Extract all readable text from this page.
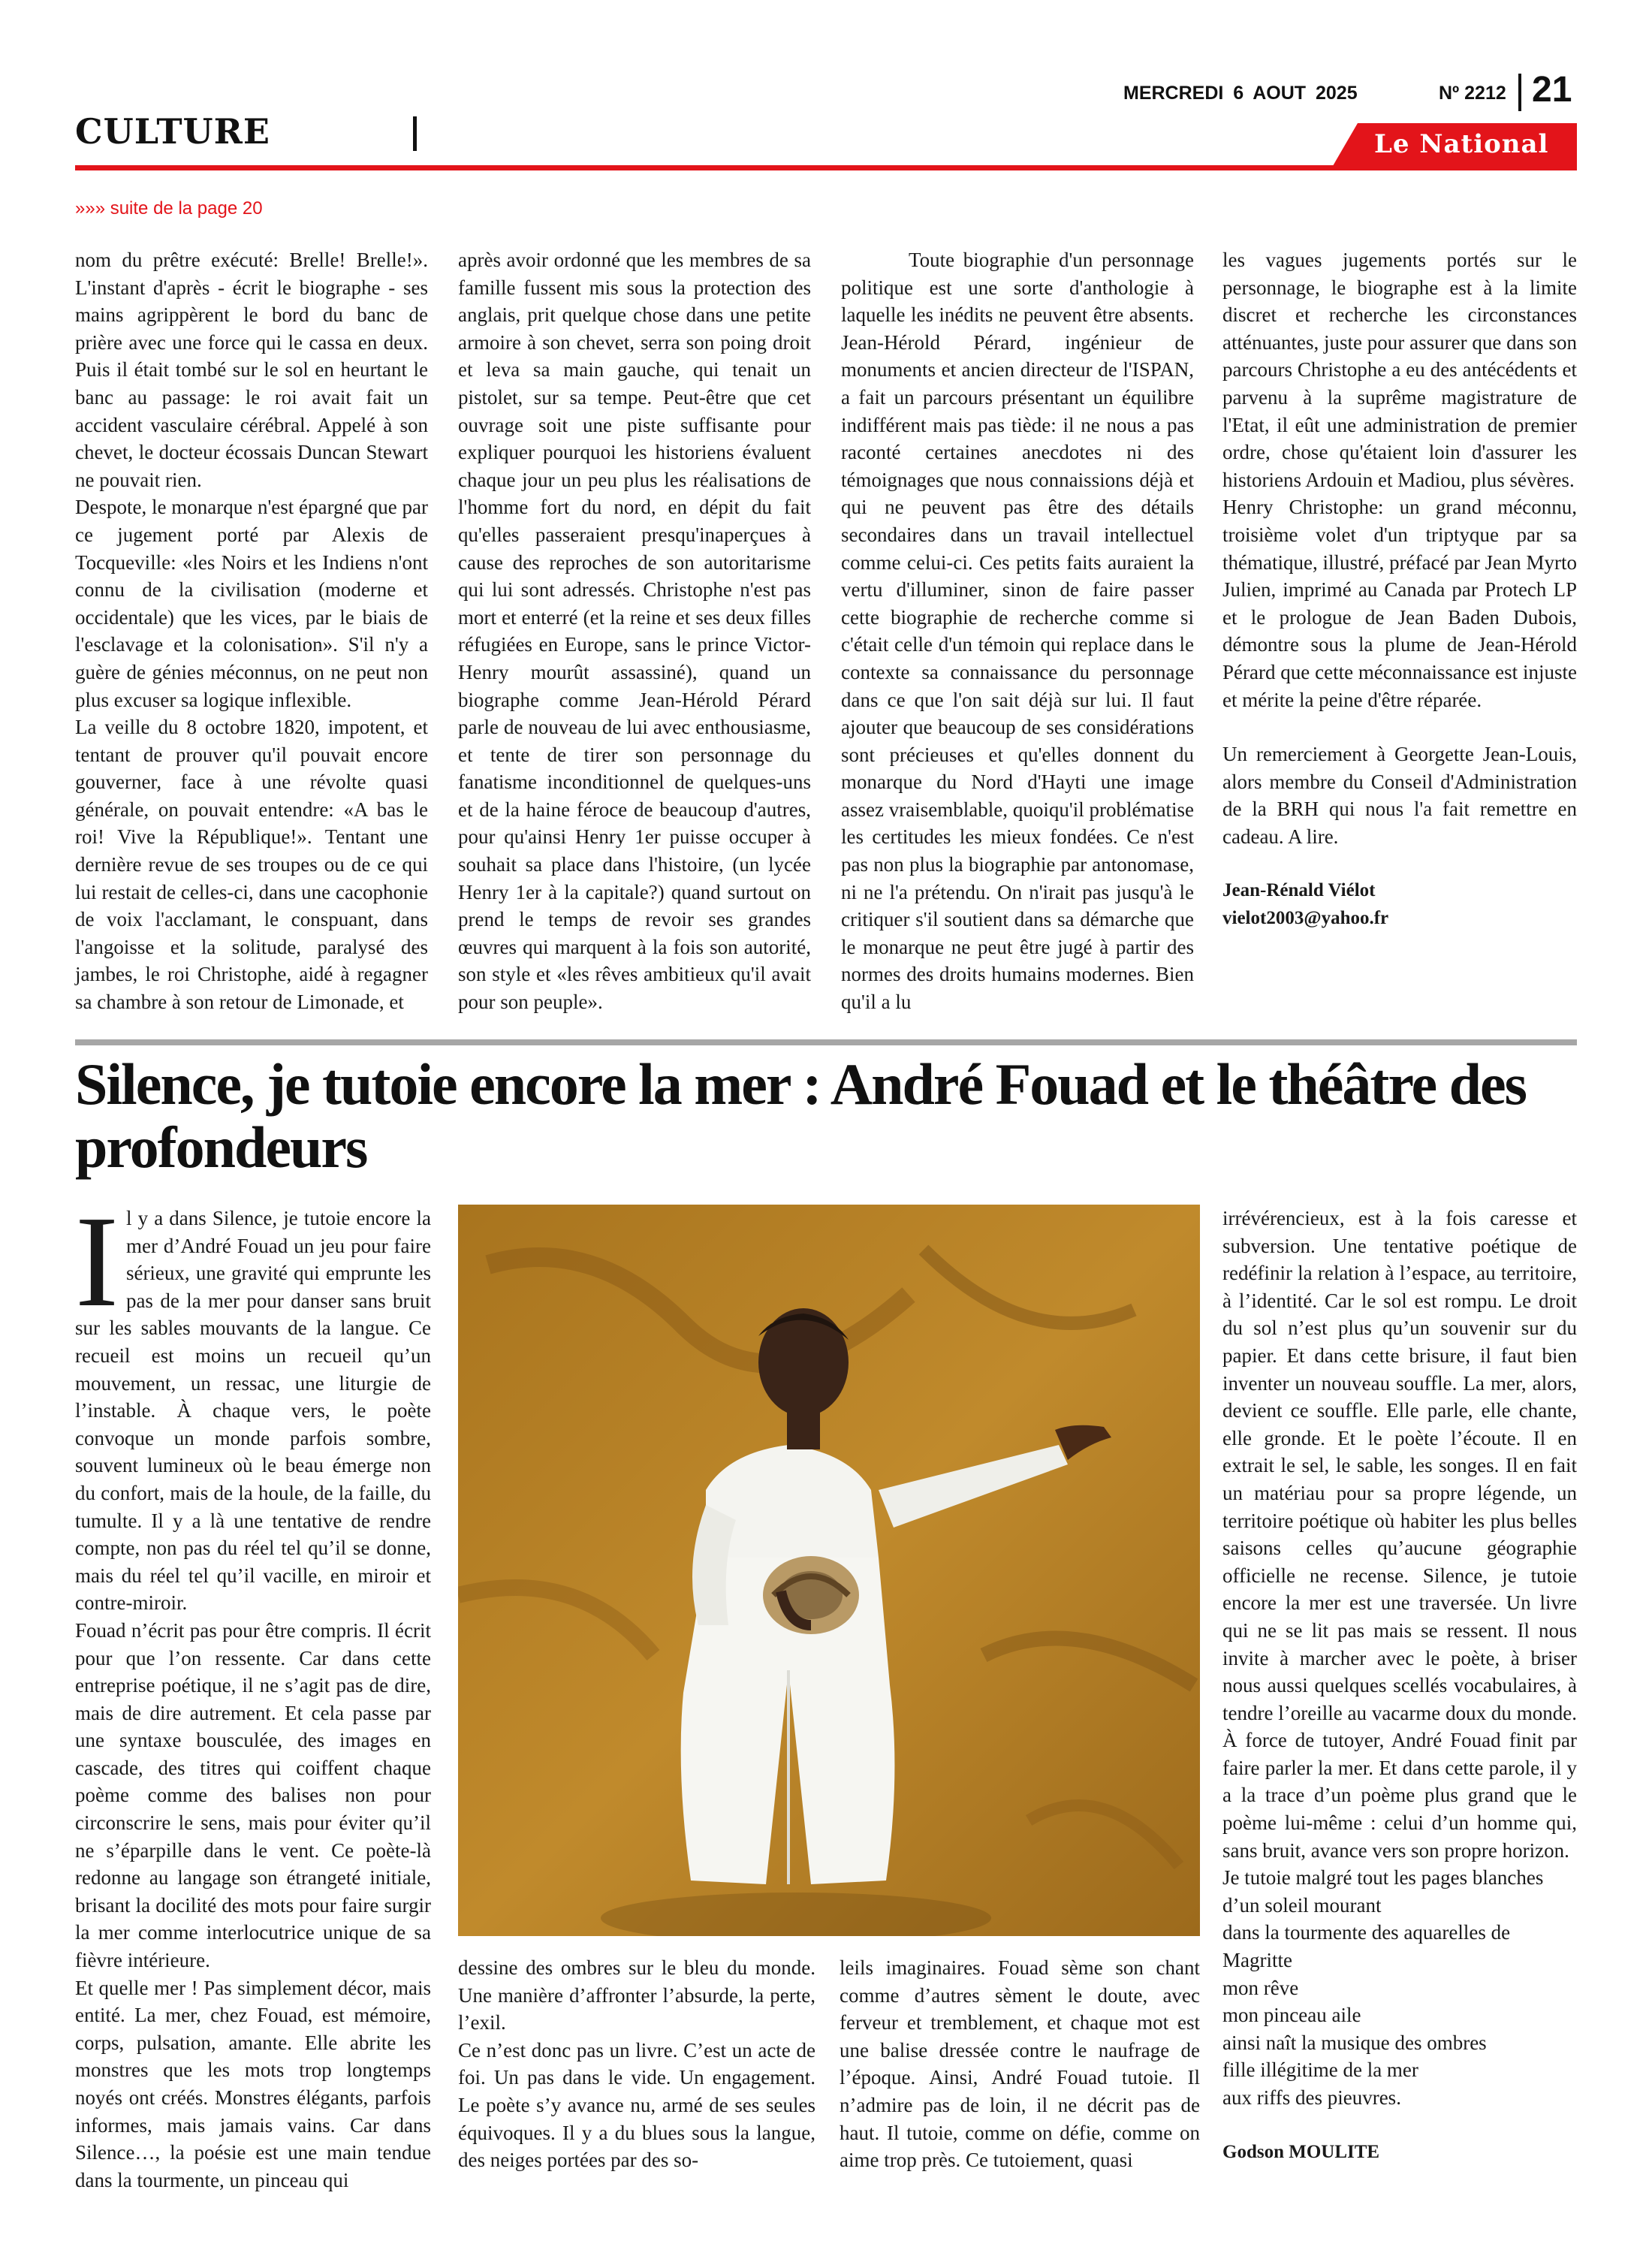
CULTURE
MERCREDI 6 AOUT 2025	Nº 2212 21
Le National
»»» suite de la page 20

nom du prêtre exécuté: Brelle! Brelle!». L'instant d'après - écrit le biographe - ses mains agrippèrent le bord du banc de prière avec une force qui le cassa en deux. Puis il était tombé sur le sol en heurtant le banc au passage: le roi avait fait un accident vasculaire cérébral. Appelé à son chevet, le docteur écossais Duncan Stewart ne pouvait rien.

Despote, le monarque n'est épargné que par ce jugement porté par Alexis de Tocqueville: «les Noirs et les Indiens n'ont connu de la civilisation (moderne et occidentale) que les vices, par le biais de l'esclavage et la colonisation». S'il n'y a guère de génies méconnus, on ne peut non plus excuser sa logique inflexible.

La veille du 8 octobre 1820, impotent, et tentant de prouver qu'il pouvait encore gouverner, face à une révolte quasi générale, on pouvait entendre: «A bas le roi! Vive la République!». Tentant une dernière revue de ses troupes ou de ce qui lui restait de celles-ci, dans une cacophonie de voix l'acclamant, le conspuant, dans l'angoisse et la solitude, paralysé des jambes, le roi Christophe, aidé à regagner sa chambre à son retour de Limonade, et

après avoir ordonné que les membres de sa famille fussent mis sous la protection des anglais, prit quelque chose dans une petite armoire à son chevet, serra son poing droit et leva sa main gauche, qui tenait un pistolet, sur sa tempe. Peut-être que cet ouvrage soit une piste suffisante pour expliquer pourquoi les historiens évaluent chaque jour un peu plus les réalisations de l'homme fort du nord, en dépit du fait qu'elles passeraient presqu'inaperçues à cause des reproches de son autoritarisme qui lui sont adressés. Christophe n'est pas mort et enterré (et la reine et ses deux filles réfugiées en Europe, sans le prince Victor-Henry mourût assassiné), quand un biographe comme Jean-Hérold Pérard parle de nouveau de lui avec enthousiasme, et tente de tirer son personnage du fanatisme inconditionnel de quelques-uns et de la haine féroce de beaucoup d'autres, pour qu'ainsi Henry 1er puisse occuper à souhait sa place dans l'histoire, (un lycée Henry 1er à la capitale?) quand surtout on prend le temps de revoir ses grandes œuvres qui marquent à la fois son autorité, son style et «les rêves ambitieux qu'il avait pour son peuple».

Toute biographie d'un personnage politique est une sorte d'anthologie à laquelle les inédits ne peuvent être absents. Jean-Hérold Pérard, ingénieur de monuments et ancien directeur de l'ISPAN, a fait un parcours présentant un équilibre indifférent mais pas tiède: il ne nous a pas raconté certaines anecdotes ni des témoignages que nous connaissions déjà et qui ne peuvent pas être des détails secondaires dans un travail intellectuel comme celui-ci. Ces petits faits auraient la vertu d'illuminer, sinon de faire passer cette biographie de recherche comme si c'était celle d'un témoin qui replace dans le contexte sa connaissance du personnage dans ce que l'on sait déjà sur lui. Il faut ajouter que beaucoup de ses considérations sont précieuses et qu'elles donnent du monarque du Nord d'Hayti une image assez vraisemblable, quoiqu'il problématise les certitudes les mieux fondées. Ce n'est pas non plus la biographie par antonomase, ni ne l'a prétendu. On n'irait pas jusqu'à le critiquer s'il soutient dans sa démarche que le monarque ne peut être jugé à partir des normes des droits humains modernes. Bien qu'il a lu

les vagues jugements portés sur le personnage, le biographe est à la limite discret et recherche les circonstances atténuantes, juste pour assurer que dans son parcours Christophe a eu des antécédents et parvenu à la suprême magistrature de l'Etat, il eût une administration de premier ordre, chose qu'étaient loin d'assurer les historiens Ardouin et Madiou, plus sévères.

Henry Christophe: un grand méconnu, troisième volet d'un triptyque par sa thématique, illustré, préfacé par Jean Myrto Julien, imprimé au Canada par Protech LP et le prologue de Jean Baden Dubois, démontre sous la plume de Jean-Hérold Pérard que cette méconnaissance est injuste et mérite la peine d'être réparée.

Un remerciement à Georgette Jean-Louis, alors membre du Conseil d'Administration de la BRH qui nous l'a fait remettre en cadeau. A lire.

Jean-Rénald Viélot

vielot2003@yahoo.fr

Silence, je tutoie encore la mer : André Fouad et le théâtre des profondeurs

Il y a dans Silence, je tutoie encore la mer d’André Fouad un jeu pour faire sérieux, une gravité qui emprunte les pas de la mer pour danser sans bruit sur les sables mouvants de la langue. Ce recueil est moins un recueil qu’un mouvement, un ressac, une liturgie de l’instable. À chaque vers, le poète convoque un monde parfois sombre, souvent lumineux où le beau émerge non du confort, mais de la houle, de la faille, du tumulte. Il y a là une tentative de rendre compte, non pas du réel tel qu’il se donne, mais du réel tel qu’il vacille, en miroir et contre-miroir.

Fouad n’écrit pas pour être compris. Il écrit pour que l’on ressente. Car dans cette entreprise poétique, il ne s’agit pas de dire, mais de dire autrement. Et cela passe par une syntaxe bousculée, des images en cascade, des titres qui coiffent chaque poème comme des balises non pour circonscrire le sens, mais pour éviter qu’il ne s’éparpille dans le vent. Ce poète-là redonne au langage son étrangeté initiale, brisant la docilité des mots pour faire surgir la mer comme interlocutrice unique de sa fièvre intérieure.

Et quelle mer ! Pas simplement décor, mais entité. La mer, chez Fouad, est mémoire, corps, pulsation, amante. Elle abrite les monstres que les mots trop longtemps noyés ont créés. Monstres élégants, parfois informes, mais jamais vains. Car dans Silence…, la poésie est une main tendue dans la tourmente, un pinceau qui

dessine des ombres sur le bleu du monde. Une manière d’affronter l’absurde, la perte, l’exil.

Ce n’est donc pas un livre. C’est un acte de foi. Un pas dans le vide. Un engagement. Le poète s’y avance nu, armé de ses seules équivoques. Il y a du blues sous la langue, des neiges portées par des so-

leils imaginaires. Fouad sème son chant comme d’autres sèment le doute, avec ferveur et tremblement, et chaque mot est une balise dressée contre le naufrage de l’époque. Ainsi, André Fouad tutoie. Il n’admire pas de loin, il ne décrit pas de haut. Il tutoie, comme on défie, comme on aime trop près. Ce tutoiement, quasi

irrévérencieux, est à la fois caresse et subversion. Une tentative poétique de redéfinir la relation à l’espace, au territoire, à l’identité. Car le sol est rompu. Le droit du sol n’est plus qu’un souvenir sur du papier. Et dans cette brisure, il faut bien inventer un nouveau souffle. La mer, alors, devient ce souffle. Elle parle, elle chante, elle gronde. Et le poète l’écoute. Il en extrait le sel, le sable, les songes. Il en fait un matériau pour sa propre légende, un territoire poétique où habiter les plus belles saisons celles qu’aucune géographie officielle ne recense. Silence, je tutoie encore la mer est une traversée. Un livre qui ne se lit pas mais se ressent. Il nous invite à marcher avec le poète, à briser nous aussi quelques scellés vocabulaires, à tendre l’oreille au vacarme doux du monde. À force de tutoyer, André Fouad finit par faire parler la mer. Et dans cette parole, il y a la trace d’un poème plus grand que le poème lui-même : celui d’un homme qui, sans bruit, avance vers son propre horizon.

Je tutoie malgré tout les pages blanches

d’un soleil mourant

dans la tourmente des aquarelles de Magritte

mon rêve

mon pinceau aile

ainsi naît la musique des ombres

fille illégitime de la mer

aux riffs des pieuvres.

Godson MOULITE
